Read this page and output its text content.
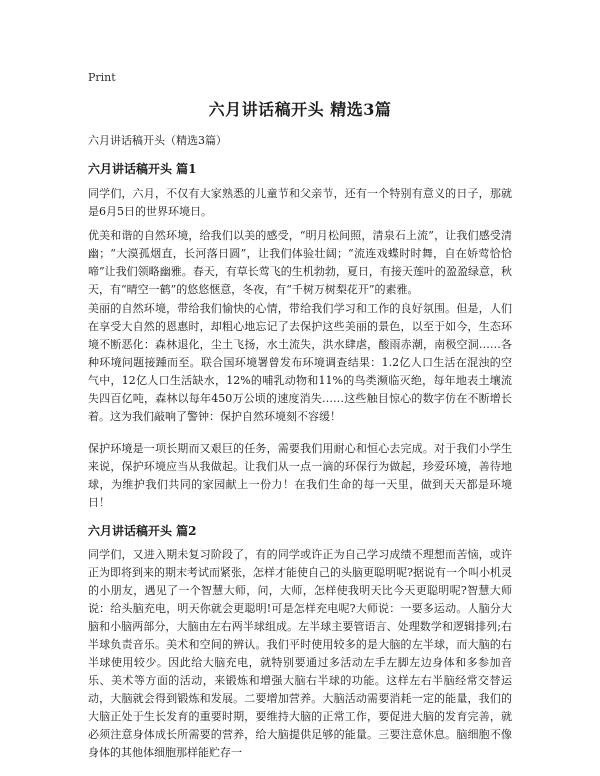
Print
六月讲话稿开头 精选3篇
六月讲话稿开头（精选3篇）
六月讲话稿开头 篇1

同学们，六月，不仅有大家熟悉的儿童节和父亲节，还有一个特别有意义的日子，那就是6月5日的世界环境日。

优美和谐的自然环境，给我们以美的感受，“明月松间照，清泉石上流”，让我们感受清幽；“大漠孤烟直，长河落日圆”，让我们体验壮阔；“流连戏蝶时时舞，自在娇莺恰恰啼”让我们领略幽雅。春天，有草长莺飞的生机勃勃，夏日，有接天莲叶的盈盈绿意，秋天，有“晴空一鹤”的悠悠惬意，冬夜，有“千树万树梨花开”的素雅。

美丽的自然环境，带给我们愉快的心情，带给我们学习和工作的良好氛围。但是，人们在享受大自然的恩惠时，却粗心地忘记了去保护这些美丽的景色，以至于如今，生态环境不断恶化：森林退化，尘土飞扬，水土流失，洪水肆虐，酸雨赤潮，南极空洞……各种环境问题接踵而至。联合国环境署曾发布环境调查结果：1.2亿人口生活在混浊的空气中，12亿人口生活缺水，12%的哺乳动物和11%的鸟类濒临灭绝，每年地表土壤流失四百亿吨，森林以每年450万公顷的速度消失……这些触目惊心的数字仿在不断增长着。这为我们敲响了警钟：保护自然环境刻不容缓！

保护环境是一项长期而又艰巨的任务，需要我们用耐心和恒心去完成。对于我们小学生来说，保护环境应当从我做起。让我们从一点一滴的环保行为做起，珍爱环境，善待地球，为维护我们共同的家园献上一份力！在我们生命的每一天里，做到天天都是环境日！

六月讲话稿开头 篇2

同学们，又进入期未复习阶段了，有的同学或许正为自己学习成绩不理想而苦恼，或许正为即将到来的期末考试而紧张，怎样才能使自己的头脑更聪明呢?据说有一个叫小机灵的小朋友，遇见了一个智慧大师，问，大师，怎样使我明天比今天更聪明呢?智慧大师说：给头脑充电，明天你就会更聪明!可是怎样充电呢?大师说：一要多运动。人脑分大脑和小脑两部分，大脑由左右两半球组成。左半球主要管语言、处理数学和逻辑排列;右半球负责音乐。美术和空间的辨认。我们平时使用较多的是大脑的左半球，而大脑的右半球使用较少。因此给大脑充电，就特别要通过多活动左手左脚左边身体和多参加音乐、美术等方面的活动，来锻炼和增强大脑右半球的功能。这样左右半脑经常交替运动，大脑就会得到锻炼和发展。二要增加营养。大脑活动需要消耗一定的能量，我们的大脑正处于生长发育的重要时期，要维持大脑的正常工作，要促进大脑的发育完善，就必须注意身体成长所需要的营养，给大脑提供足够的能量。三要注意休息。脑细胞不像身体的其他体细胞那样能贮存一
